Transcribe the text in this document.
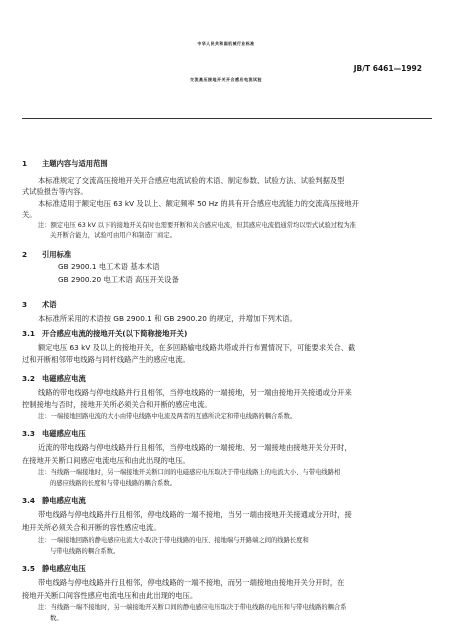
中华人民共和国机械行业标准
JB/T 6461—1992
交流高压接地开关开合感应电流试验
1 主题内容与适用范围
本标准规定了交流高压接地开关开合感应电流试验的术语、制定参数、试验方法、试验判据及型
式试验报告等内容。
本标准适用于额定电压 63 kV 及以上、额定频率 50 Hz 的具有开合感应电流能力的交流高压接地开
关。
注：额定电压 63 kV 以下的接地开关有时也需要开断和关合感应电流，但其感应电流值通常均以型式试验过程为准
关开断合能力，试验可由用户和制造厂商定。
2 引用标准
GB 2900.1 电工术语 基本术语
GB 2900.20 电工术语 高压开关设备
3 术语
本标准所采用的术语按 GB 2900.1 和 GB 2900.20 的规定，并增加下列术语。
3.1 开合感应电流的接地开关(以下简称接地开关)
额定电压 63 kV 及以上的接地开关，在多回路输电线路共塔或并行布置情况下，可能要求关合、截
过和开断相邻带电线路与同杆线路产生的感应电流。
3.2 电磁感应电流
线路的带电线路与停电线路并行且相邻，当停电线路的一端接地，另一端由接地开关接通或分开来
控制接地与否时，接地开关所必须关合和开断的感应电流。
注：一端接地回路电流的大小由带电线路中电流及两者的互感所决定和带电线路的耦合系数。
3.3 电磁感应电压
近流的带电线路与停电线路并行且相邻，当停电线路的一端接地、另一端接地由接地开关分开时，
在接地开关断口间感应电流电压和由此出现的电压。
注：当线路一端接地时，另一端接地开关断口间的电磁感应电压取决于带电线路上的电流大小、与带电线路相
的感应线路的长度和与带电线路的耦合系数。
3.4 静电感应电流
带电线路与停电线路并行且相邻，停电线路的一端不接地，当另一端由接地开关接通或分开时，接
地开关所必须关合和开断的容性感应电流。
注：一端接地回路的静电感应电流大小取决于带电线路的电压、接地端与开路端之间的线路长度和
与带电线路的耦合系数。
3.5 静电感应电压
带电线路与停电线路并行且相邻，停电线路的一端不接地，而另一端接地由接地开关分开时，在
接地开关断口间容性感应电流电压和由此出现的电压。
注：当线路一端不接地时，另一端接地开关断口间的静电感应电压取决于带电线路的电压和与带电线路的耦合系
数。
